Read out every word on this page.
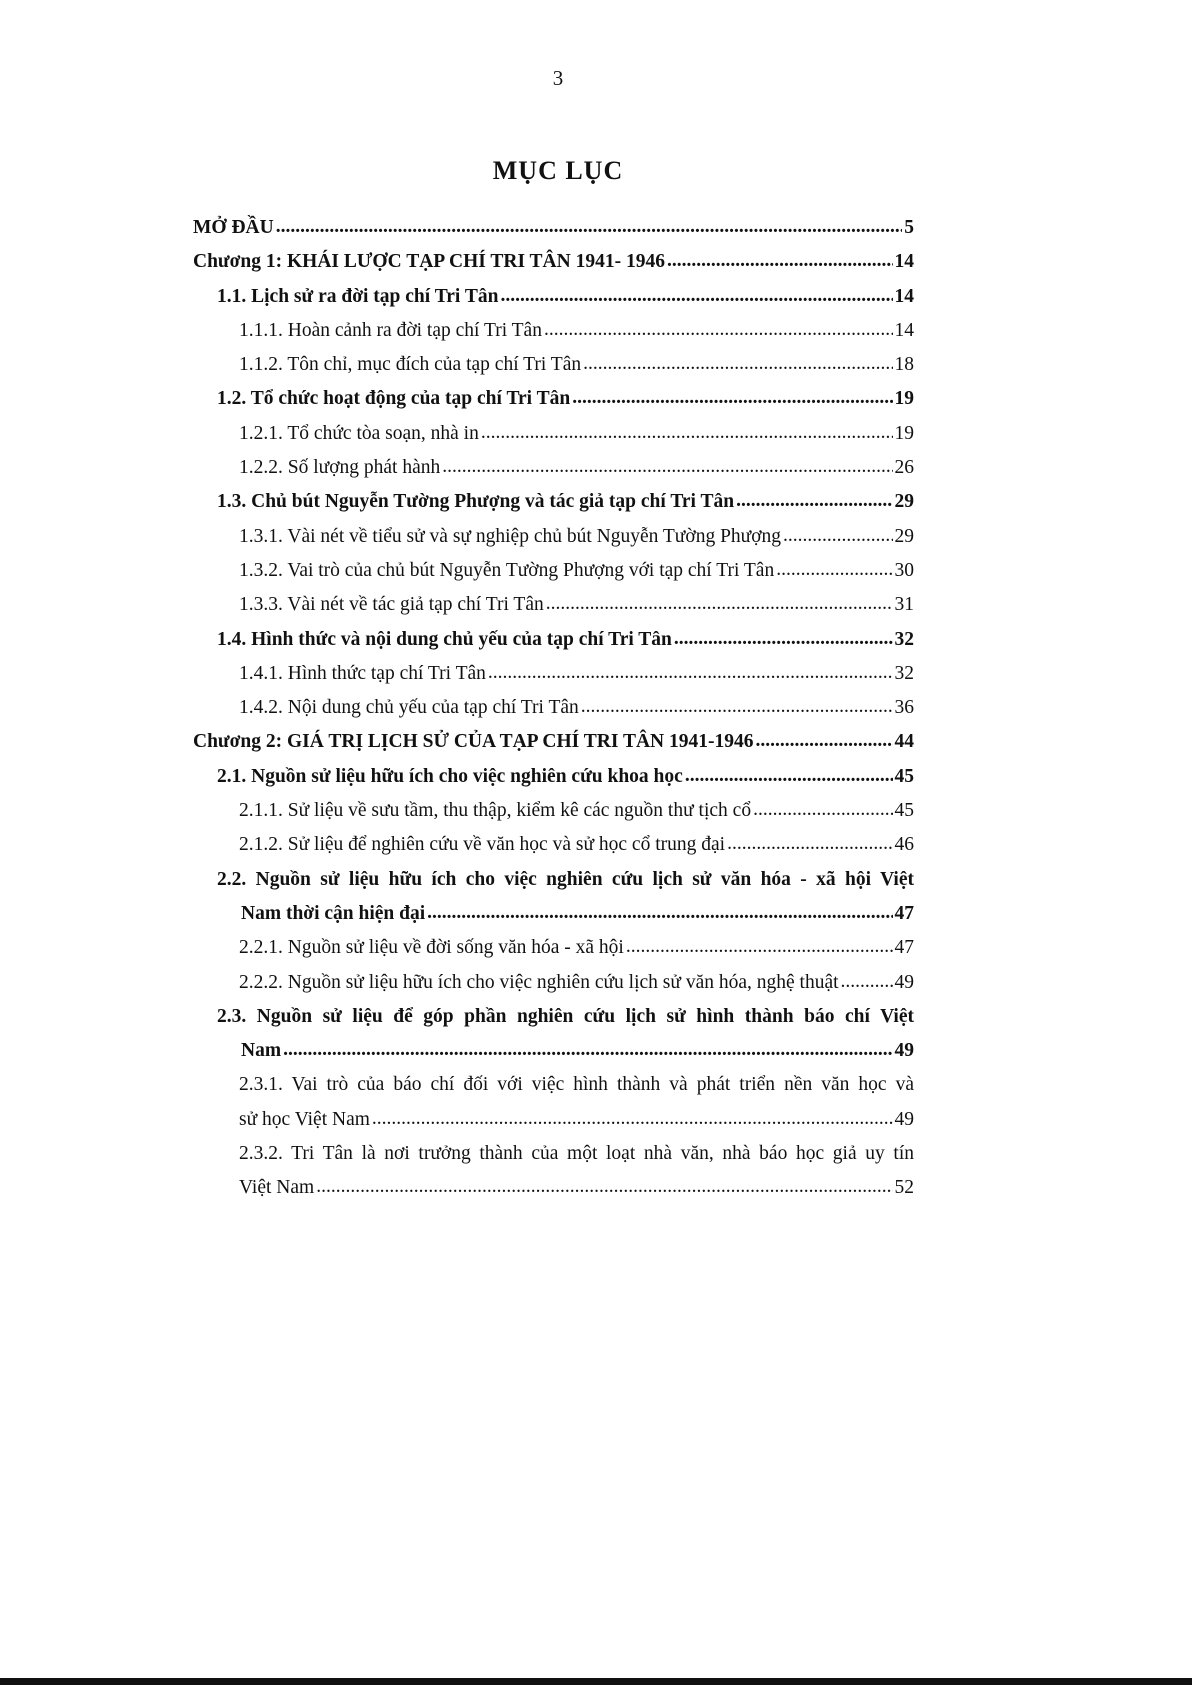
3
MỤC LỤC
MỞ ĐẦU .....	5
Chương 1: KHÁI LƯỢC TẠP CHÍ TRI TÂN 1941- 1946 .....	14
1.1. Lịch sử ra đời tạp chí Tri Tân .....	14
1.1.1. Hoàn cảnh ra đời tạp chí Tri Tân .....	14
1.1.2. Tôn chỉ, mục đích của tạp chí Tri Tân .....	18
1.2. Tổ chức hoạt động của tạp chí Tri Tân .....	19
1.2.1. Tổ chức tòa soạn, nhà in .....	19
1.2.2. Số lượng phát hành .....	26
1.3. Chủ bút Nguyễn Tường Phượng và tác giả tạp chí Tri Tân .....	29
1.3.1. Vài nét về tiểu sử và sự nghiệp chủ bút Nguyễn Tường Phượng .....	29
1.3.2. Vai trò của chủ bút Nguyễn Tường Phượng với tạp chí Tri Tân .....	30
1.3.3. Vài nét về tác giả tạp chí Tri Tân .....	31
1.4. Hình thức và nội dung chủ yếu của tạp chí Tri Tân .....	32
1.4.1. Hình thức tạp chí Tri Tân .....	32
1.4.2. Nội dung chủ yếu của tạp chí Tri Tân .....	36
Chương 2: GIÁ TRỊ LỊCH SỬ CỦA TẠP CHÍ TRI TÂN 1941-1946 .....	44
2.1. Nguồn sử liệu hữu ích cho việc nghiên cứu khoa học .....	45
2.1.1. Sử liệu về sưu tầm, thu thập, kiểm kê các nguồn thư tịch cổ .....	45
2.1.2. Sử liệu để nghiên cứu về văn học và sử học cổ trung đại .....	46
2.2. Nguồn sử liệu hữu ích cho việc nghiên cứu lịch sử văn hóa - xã hội Việt
Nam thời cận hiện đại .....	47
2.2.1. Nguồn sử liệu về đời sống văn hóa - xã hội .....	47
2.2.2. Nguồn sử liệu hữu ích cho việc nghiên cứu lịch sử văn hóa, nghệ thuật .....	49
2.3. Nguồn sử liệu để góp phần nghiên cứu lịch sử hình thành báo chí Việt
Nam .....	49
2.3.1. Vai trò của báo chí đối với việc hình thành và phát triển nền văn học và
sử học Việt Nam .....	49
2.3.2. Tri Tân là nơi trưởng thành của một loạt nhà văn, nhà báo học giả uy tín
Việt Nam .....	52
